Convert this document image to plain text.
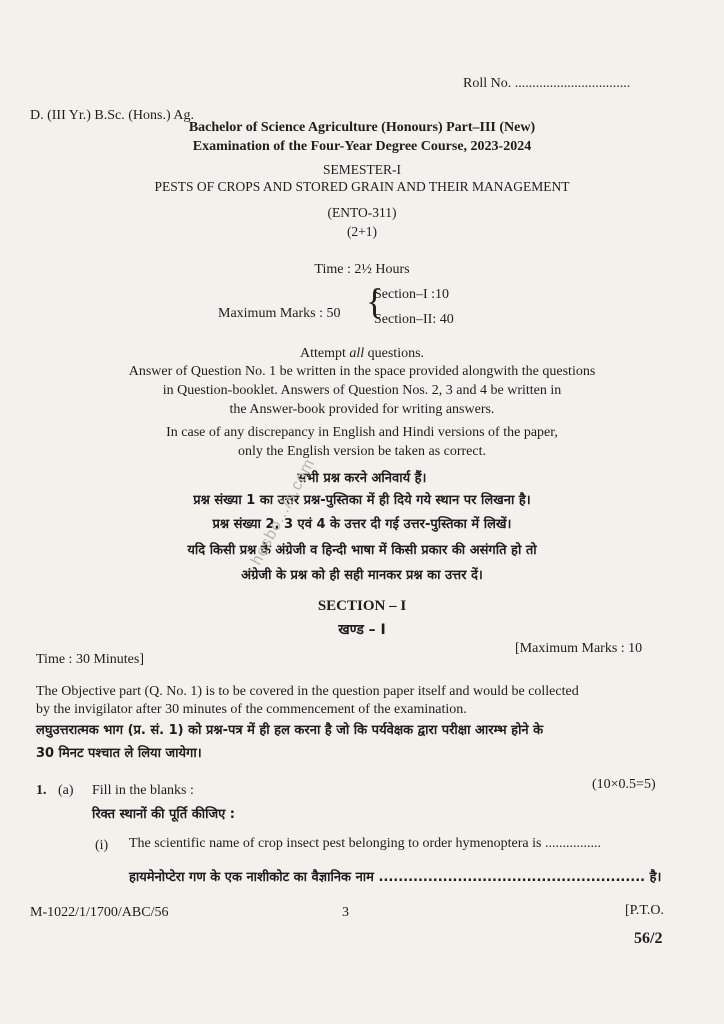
Roll No. .................................
D. (III Yr.) B.Sc. (Hons.) Ag.
Bachelor of Science Agriculture (Honours) Part–III (New)
Examination of the Four-Year Degree Course, 2023-2024
SEMESTER-I
PESTS OF CROPS AND STORED GRAIN AND THEIR MANAGEMENT
(ENTO-311)
(2+1)
Time : 2½ Hours
Maximum Marks : 50 {
Section–I :10
Section–II: 40
Attempt all questions.
Answer of Question No. 1 be written in the space provided alongwith the questions
in Question-booklet. Answers of Question Nos. 2, 3 and 4 be written in
the Answer-book provided for writing answers.
In case of any discrepancy in English and Hindi versions of the paper,
only the English version be taken as correct.
सभी प्रश्न करने अनिवार्य हैं।
प्रश्न संख्या 1 का उत्तर प्रश्न-पुस्तिका में ही दिये गये स्थान पर लिखना है।
प्रश्न संख्या 2, 3 एवं 4 के उत्तर दी गई उत्तर-पुस्तिका में लिखें।
यदि किसी प्रश्न के अंग्रेजी व हिन्दी भाषा में किसी प्रकार की असंगति हो तो
अंग्रेजी के प्रश्न को ही सही मानकर प्रश्न का उत्तर दें।
SECTION – I
खण्ड – I
Time : 30 Minutes]
[Maximum Marks : 10
The Objective part (Q. No. 1) is to be covered in the question paper itself and would be collected
by the invigilator after 30 minutes of the commencement of the examination.
लघुउत्तरात्मक भाग (प्र. सं. 1) को प्रश्न-पत्र में ही हल करना है जो कि पर्यवेक्षक द्वारा परीक्षा आरम्भ होने के
30 मिनट पश्चात ले लिया जायेगा।
1. (a) Fill in the blanks :	(10×0.5=5)
रिक्त स्थानों की पूर्ति कीजिए :
(i) The scientific name of crop insect pest belonging to order hymenoptera is ................
हायमेनोप्टेरा गण के एक नाशीकोट का वैज्ञानिक नाम ...................................................... है।
M-1022/1/1700/ABC/56	3	[P.T.O.
56/2
hesbo.../s.com
